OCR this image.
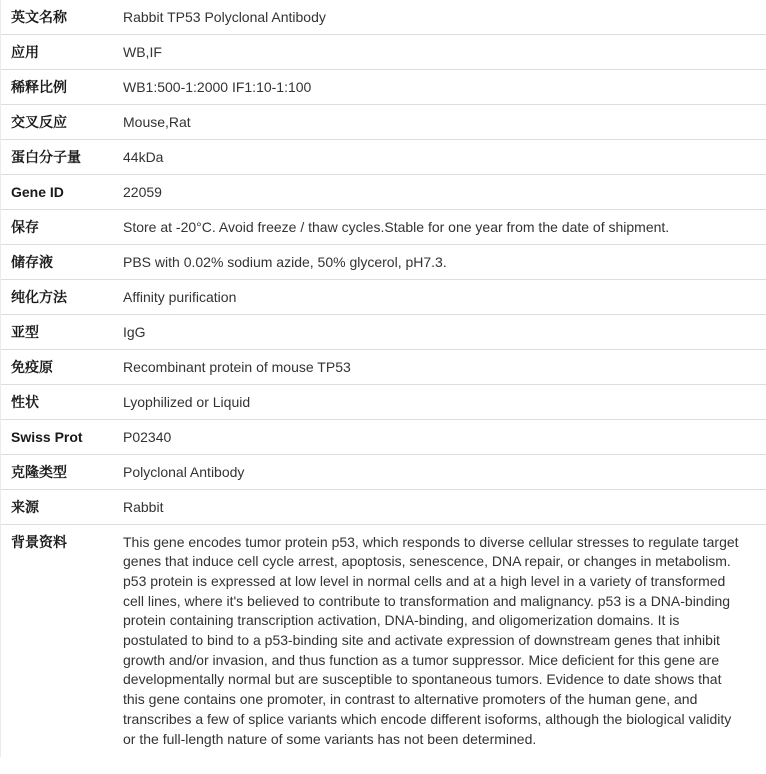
英文名称	Rabbit TP53 Polyclonal Antibody
应用	WB,IF
稀释比例	WB1:500-1:2000 IF1:10-1:100
交叉反应	Mouse,Rat
蛋白分子量	44kDa
Gene ID	22059
保存	Store at -20°C. Avoid freeze / thaw cycles.Stable for one year from the date of shipment.
储存液	PBS with 0.02% sodium azide, 50% glycerol, pH7.3.
纯化方法	Affinity purification
亚型	IgG
免疫原	Recombinant protein of mouse TP53
性状	Lyophilized or Liquid
Swiss Prot	P02340
克隆类型	Polyclonal Antibody
来源	Rabbit
背景资料	This gene encodes tumor protein p53, which responds to diverse cellular stresses to regulate target genes that induce cell cycle arrest, apoptosis, senescence, DNA repair, or changes in metabolism. p53 protein is expressed at low level in normal cells and at a high level in a variety of transformed cell lines, where it's believed to contribute to transformation and malignancy. p53 is a DNA-binding protein containing transcription activation, DNA-binding, and oligomerization domains. It is postulated to bind to a p53-binding site and activate expression of downstream genes that inhibit growth and/or invasion, and thus function as a tumor suppressor. Mice deficient for this gene are developmentally normal but are susceptible to spontaneous tumors. Evidence to date shows that this gene contains one promoter, in contrast to alternative promoters of the human gene, and transcribes a few of splice variants which encode different isoforms, although the biological validity or the full-length nature of some variants has not been determined.
